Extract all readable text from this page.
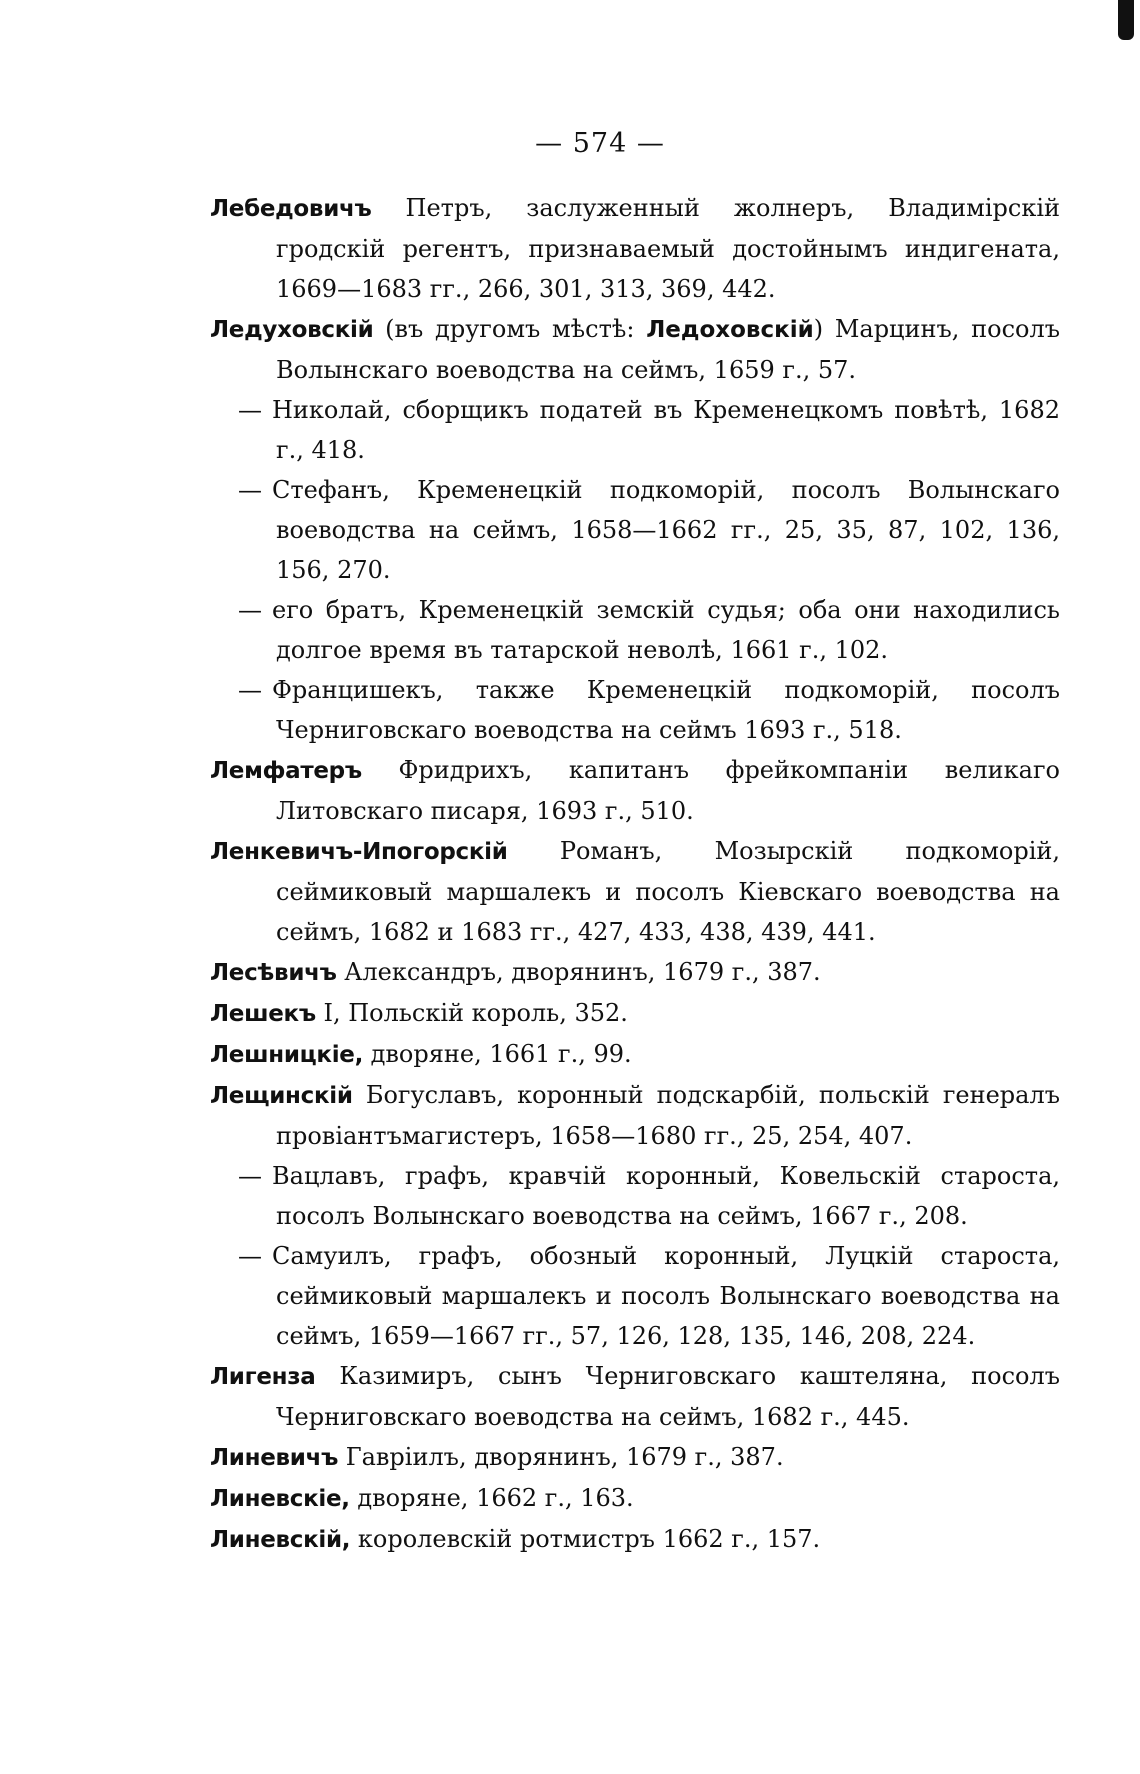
— 574 —

Лебедовичъ Петръ, заслуженный жолнеръ, Владимірскій гродскій регентъ, признаваемый достойнымъ индигената, 1669—1683 гг., 266, 301, 313, 369, 442.

Ледуховскій (въ другомъ мѣстѣ: Ледоховскій) Марцинъ, посолъ Волынскаго воеводства на сеймъ, 1659 г., 57.

— Николай, сборщикъ податей въ Кременецкомъ повѣтѣ, 1682 г., 418.

— Стефанъ, Кременецкій подкоморій, посолъ Волынскаго воеводства на сеймъ, 1658—1662 гг., 25, 35, 87, 102, 136, 156, 270.

— его братъ, Кременецкій земскій судья; оба они находились долгое время въ татарской неволѣ, 1661 г., 102.

— Францишекъ, также Кременецкій подкоморій, посолъ Черниговскаго воеводства на сеймъ 1693 г., 518.

Лемфатеръ Фридрихъ, капитанъ фрейкомпаніи великаго Литовскаго писаря, 1693 г., 510.

Ленкевичъ-Ипогорскій Романъ, Мозырскій подкоморій, сеймиковый маршалекъ и посолъ Кіевскаго воеводства на сеймъ, 1682 и 1683 гг., 427, 433, 438, 439, 441.

Лесѣвичъ Александръ, дворянинъ, 1679 г., 387.

Лешекъ I, Польскій король, 352.

Лешницкіе, дворяне, 1661 г., 99.

Лещинскій Богуславъ, коронный подскарбій, польскій генералъ провіантъмагистеръ, 1658—1680 гг., 25, 254, 407.

— Вацлавъ, графъ, кравчій коронный, Ковельскій староста, посолъ Волынскаго воеводства на сеймъ, 1667 г., 208.

— Самуилъ, графъ, обозный коронный, Луцкій староста, сеймиковый маршалекъ и посолъ Волынскаго воеводства на сеймъ, 1659—1667 гг., 57, 126, 128, 135, 146, 208, 224.

Лигенза Казимиръ, сынъ Черниговскаго каштеляна, посолъ Черниговскаго воеводства на сеймъ, 1682 г., 445.

Линевичъ Гавріилъ, дворянинъ, 1679 г., 387.

Линевскіе, дворяне, 1662 г., 163.

Линевскій, королевскій ротмистръ 1662 г., 157.
